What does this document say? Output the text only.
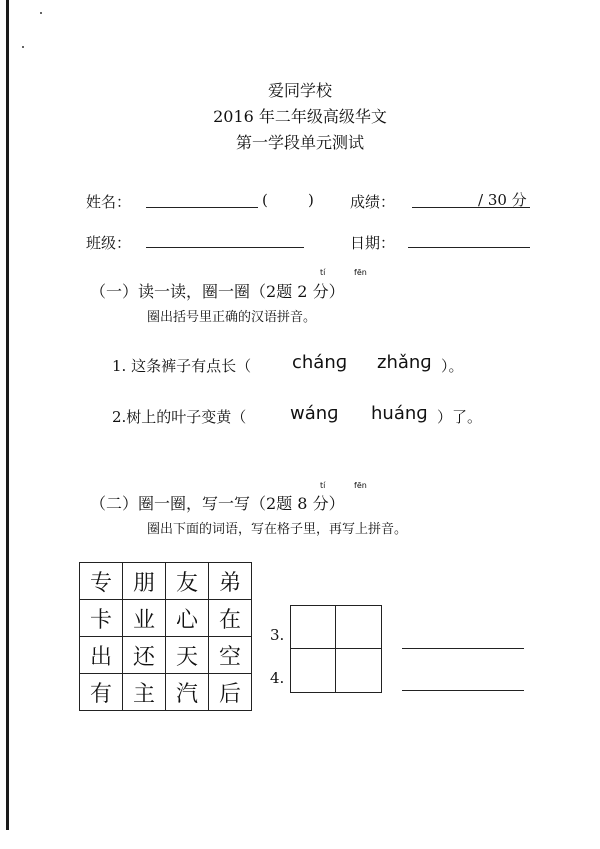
爱同学校
2016 年二年级高级华文
第一学段单元测试
姓名：	(	) 成绩：	/ 30 分
班级：	日期：
tí	fēn
（一）读一读，圈一圈（2题 2 分）
圈出括号里正确的汉语拼音。
1. 这条裤子有点长（ chánɡ zhǎnɡ ）。
2.树上的叶子变黄（ wánɡ huánɡ ）了。
tí	fēn
（二）圈一圈，写一写（2题 8 分）
圈出下面的词语，写在格子里，再写上拼音。
专	朋	友	弟
卡	业	心	在
出	还	天	空
有	主	汽	后
3.
4.
